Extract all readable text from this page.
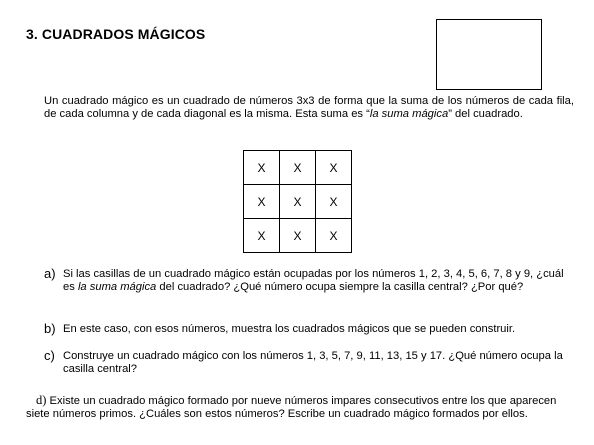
3. CUADRADOS MÁGICOS

Un cuadrado mágico es un cuadrado de números 3x3 de forma que la suma de los números de cada fila, de cada columna y de cada diagonal es la misma. Esta suma es “la suma mágica” del cuadrado.

X	X	X
X	X	X
X	X	X
a) Si las casillas de un cuadrado mágico están ocupadas por los números 1, 2, 3, 4, 5, 6, 7, 8 y 9, ¿cuál es la suma mágica del cuadrado? ¿Qué número ocupa siempre la casilla central? ¿Por qué?
b) En este caso, con esos números, muestra los cuadrados mágicos que se pueden construir.
c) Construye un cuadrado mágico con los números 1, 3, 5, 7, 9, 11, 13, 15 y 17. ¿Qué número ocupa la casilla central?

d) Existe un cuadrado mágico formado por nueve números impares consecutivos entre los que aparecen siete números primos. ¿Cuáles son estos números? Escribe un cuadrado mágico formados por ellos.
